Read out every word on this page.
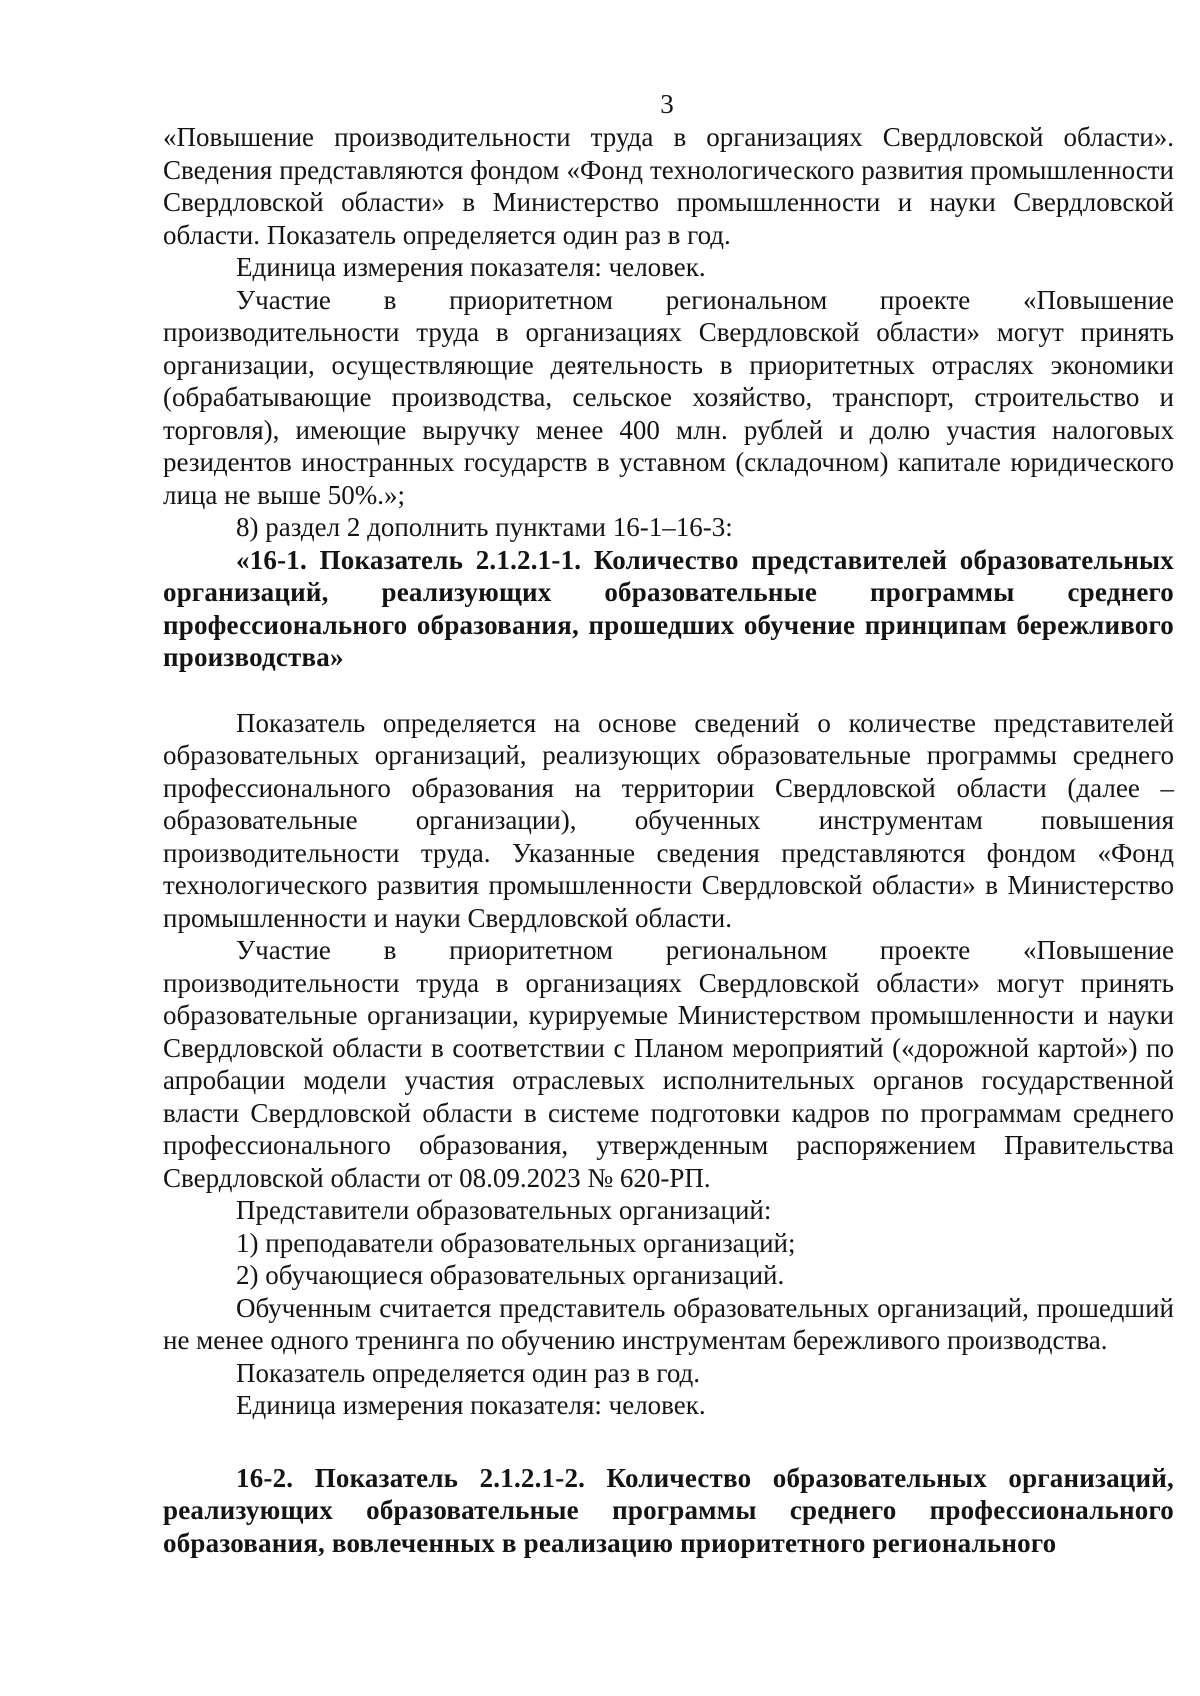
3

«Повышение производительности труда в организациях Свердловской области». Сведения представляются фондом «Фонд технологического развития промышленности Свердловской области» в Министерство промышленности и науки Свердловской области. Показатель определяется один раз в год.

Единица измерения показателя: человек.

Участие в приоритетном региональном проекте «Повышение производительности труда в организациях Свердловской области» могут принять организации, осуществляющие деятельность в приоритетных отраслях экономики (обрабатывающие производства, сельское хозяйство, транспорт, строительство и торговля), имеющие выручку менее 400 млн. рублей и долю участия налоговых резидентов иностранных государств в уставном (складочном) капитале юридического лица не выше 50%.»;

8) раздел 2 дополнить пунктами 16-1–16-3:

«16-1. Показатель 2.1.2.1-1. Количество представителей образовательных организаций, реализующих образовательные программы среднего профессионального образования, прошедших обучение принципам бережливого производства»

Показатель определяется на основе сведений о количестве представителей образовательных организаций, реализующих образовательные программы среднего профессионального образования на территории Свердловской области (далее – образовательные организации), обученных инструментам повышения производительности труда. Указанные сведения представляются фондом «Фонд технологического развития промышленности Свердловской области» в Министерство промышленности и науки Свердловской области.

Участие в приоритетном региональном проекте «Повышение производительности труда в организациях Свердловской области» могут принять образовательные организации, курируемые Министерством промышленности и науки Свердловской области в соответствии с Планом мероприятий («дорожной картой») по апробации модели участия отраслевых исполнительных органов государственной власти Свердловской области в системе подготовки кадров по программам среднего профессионального образования, утвержденным распоряжением Правительства Свердловской области от 08.09.2023 № 620-РП.

Представители образовательных организаций:

1) преподаватели образовательных организаций;

2) обучающиеся образовательных организаций.

Обученным считается представитель образовательных организаций, прошедший не менее одного тренинга по обучению инструментам бережливого производства.

Показатель определяется один раз в год.

Единица измерения показателя: человек.

16-2. Показатель 2.1.2.1-2. Количество образовательных организаций, реализующих образовательные программы среднего профессионального образования, вовлеченных в реализацию приоритетного регионального
